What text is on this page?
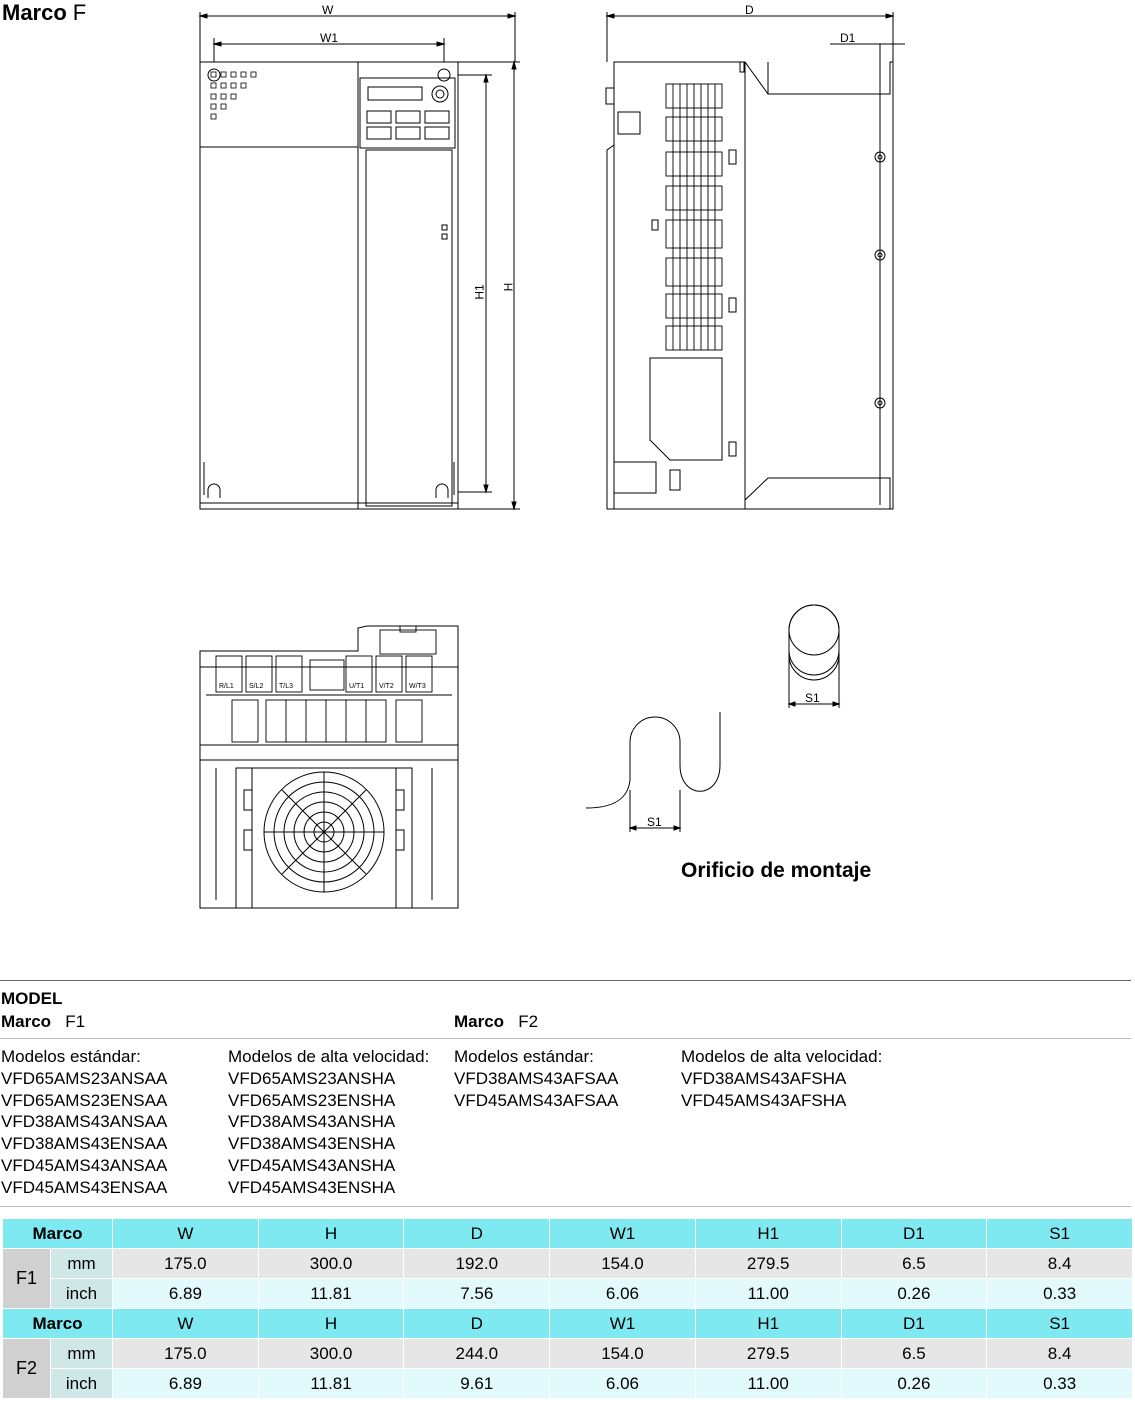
Marco F	W
W1
D
D1
H1 H
S1
S1
R/L1 S/L2 T/L3	U/T1 V/T2 W/T3
Orificio de montaje
MODEL
Marco F1	Marco F2
Modelos estándar:
VFD65AMS23ANSAA
VFD65AMS23ENSAA
VFD38AMS43ANSAA
VFD38AMS43ENSAA
VFD45AMS43ANSAA
VFD45AMS43ENSAA
Modelos de alta velocidad:
VFD65AMS23ANSHA
VFD65AMS23ENSHA
VFD38AMS43ANSHA
VFD38AMS43ENSHA
VFD45AMS43ANSHA
VFD45AMS43ENSHA
Modelos estándar:
VFD38AMS43AFSAA
VFD45AMS43AFSAA
Modelos de alta velocidad:
VFD38AMS43AFSHA
VFD45AMS43AFSHA
Marco		W	H	D	W1	H1	D1	S1
F1	mm	175.0	300.0	192.0	154.0	279.5	6.5	8.4
	inch	6.89	11.81	7.56	6.06	11.00	0.26	0.33
Marco		W	H	D	W1	H1	D1	S1
F2	mm	175.0	300.0	244.0	154.0	279.5	6.5	8.4
	inch	6.89	11.81	9.61	6.06	11.00	0.26	0.33
